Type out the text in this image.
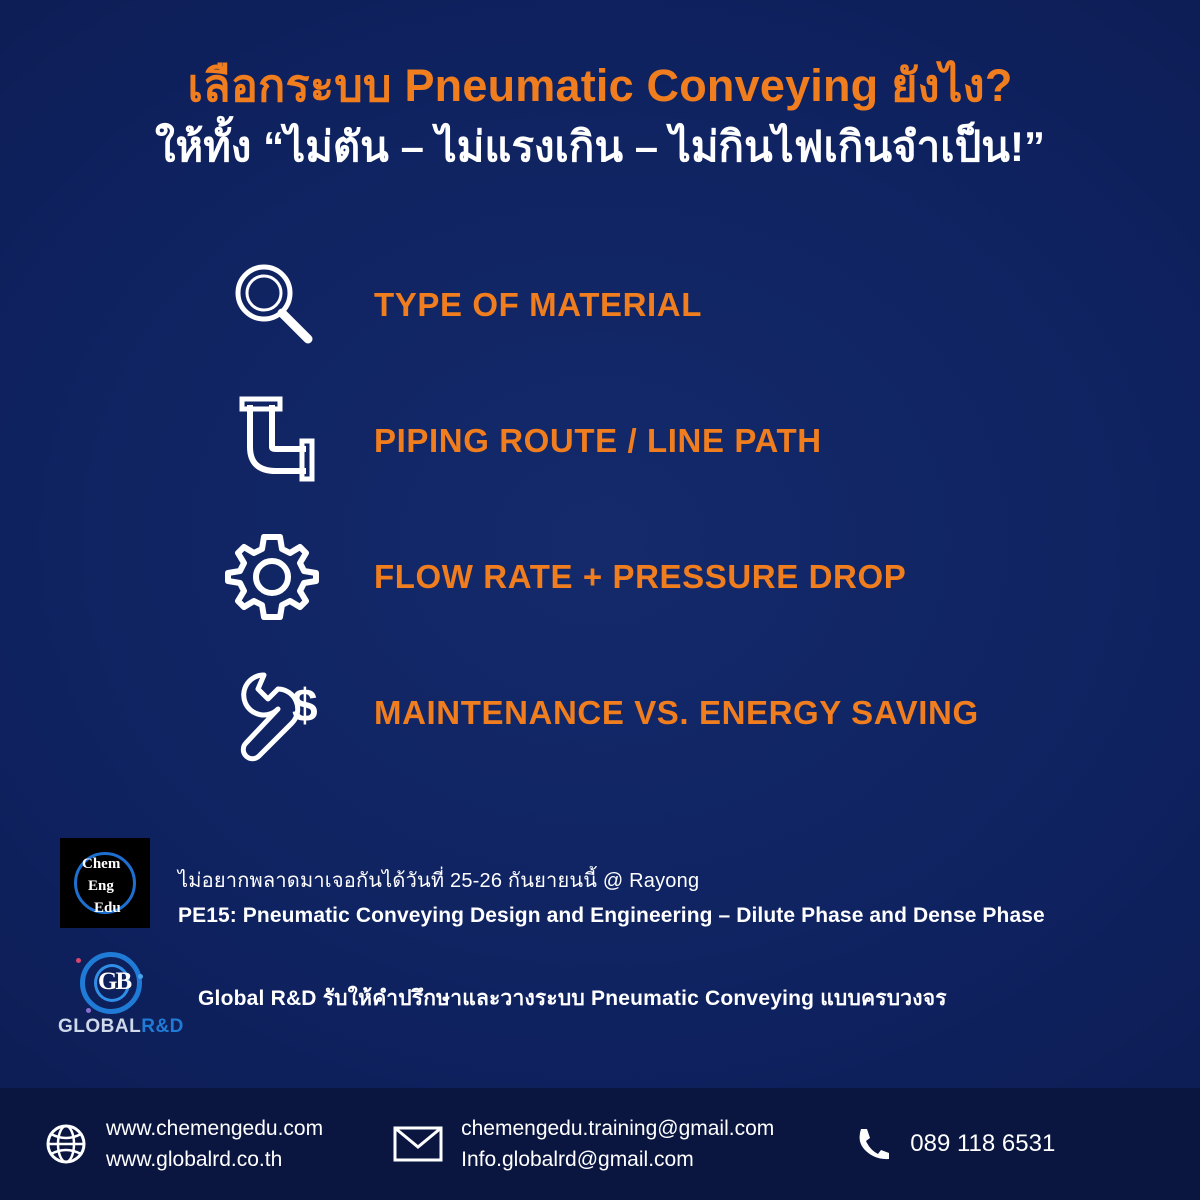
เลือกระบบ Pneumatic Conveying ยังไง?
ให้ทั้ง “ไม่ตัน – ไม่แรงเกิน – ไม่กินไฟเกินจำเป็น!”
TYPE OF MATERIAL
PIPING ROUTE / LINE PATH
FLOW RATE + PRESSURE DROP
$ MAINTENANCE VS. ENERGY SAVING
Chem
Eng
Edu
ไม่อยากพลาดมาเจอกันได้วันที่ 25-26 กันยายนนี้ @ Rayong
PE15: Pneumatic Conveying Design and Engineering – Dilute Phase and Dense Phase
GB
GLOBALR&D
Global R&D รับให้คำปรึกษาและวางระบบ Pneumatic Conveying แบบครบวงจร
www.chemengedu.com
www.globalrd.co.th
chemengedu.training@gmail.com
Info.globalrd@gmail.com
089 118 6531
